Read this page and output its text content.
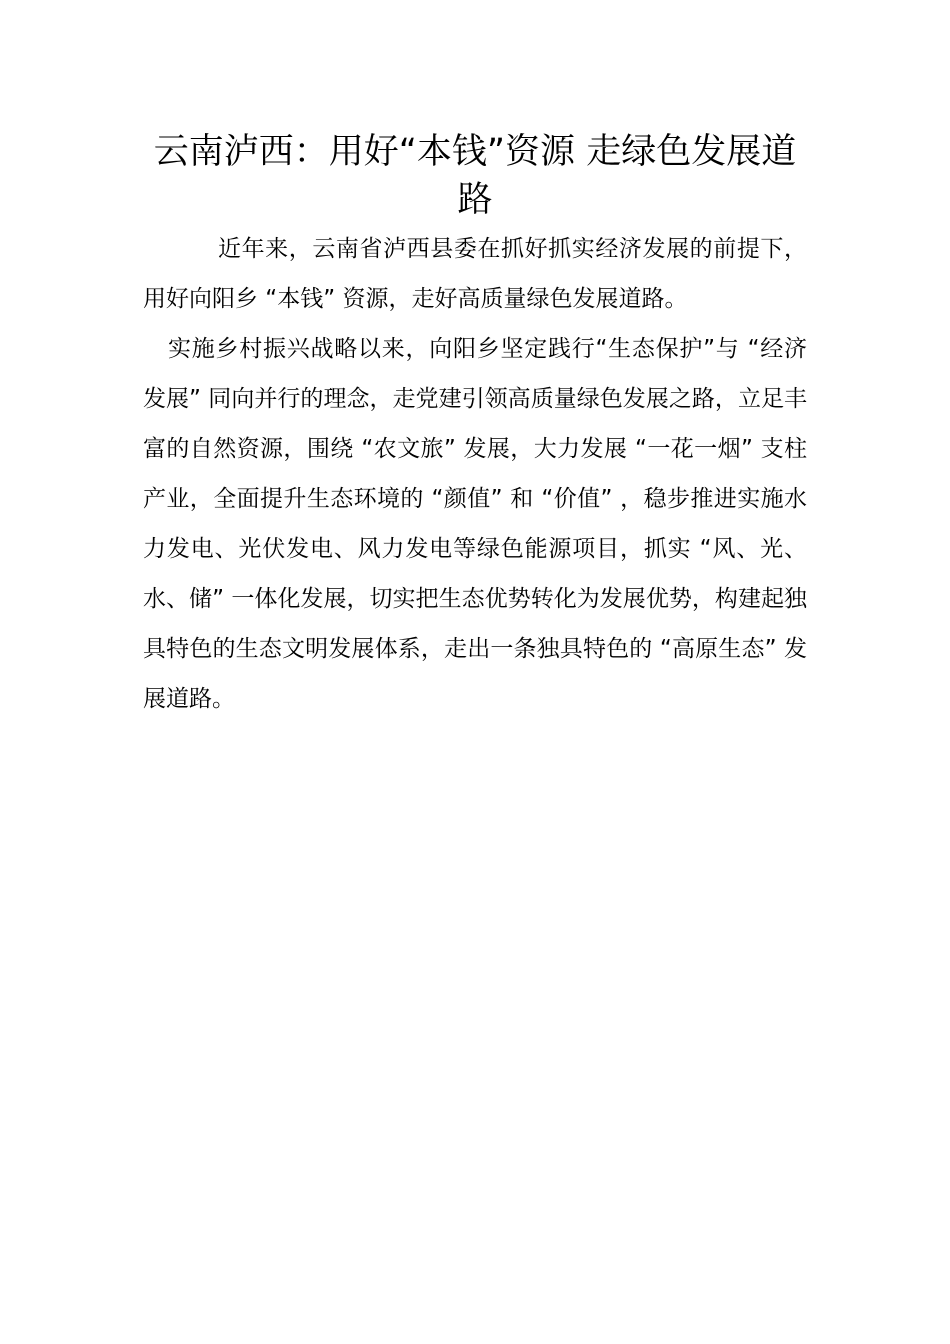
云南泸西：用好“本钱”资源 走绿色发展道路

近年来，云南省泸西县委在抓好抓实经济发展的前提下，用好向阳乡 “本钱” 资源，走好高质量绿色发展道路。

实施乡村振兴战略以来，向阳乡坚定践行“生态保护”与 “经济发展” 同向并行的理念，走党建引领高质量绿色发展之路，立足丰富的自然资源，围绕 “农文旅” 发展，大力发展 “一花一烟” 支柱产业，全面提升生态环境的 “颜值” 和 “价值” ，稳步推进实施水力发电、光伏发电、风力发电等绿色能源项目，抓实 “风、光、水、储” 一体化发展，切实把生态优势转化为发展优势，构建起独具特色的生态文明发展体系，走出一条独具特色的 “高原生态” 发展道路。
